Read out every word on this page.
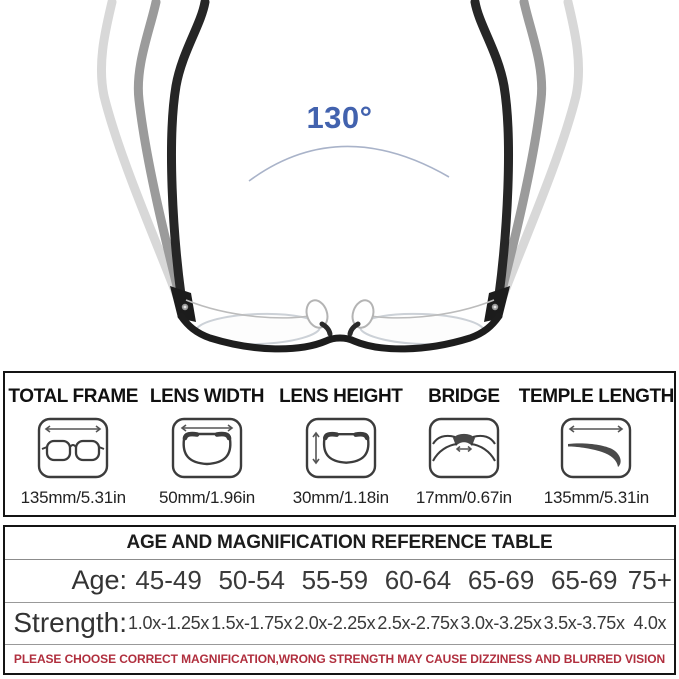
130°
TOTAL FRAME
135mm/5.31in
LENS WIDTH
50mm/1.96in
LENS HEIGHT
30mm/1.18in
BRIDGE
17mm/0.67in
TEMPLE LENGTH
135mm/5.31in
AGE AND MAGNIFICATION REFERENCE TABLE
Age: 45-49 50-54 55-59 60-64 65-69 65-69 75+
Strength: 1.0x-1.25x 1.5x-1.75x 2.0x-2.25x 2.5x-2.75x 3.0x-3.25x 3.5x-3.75x 4.0x
PLEASE CHOOSE CORRECT MAGNIFICATION,WRONG STRENGTH MAY CAUSE DIZZINESS AND BLURRED VISION
